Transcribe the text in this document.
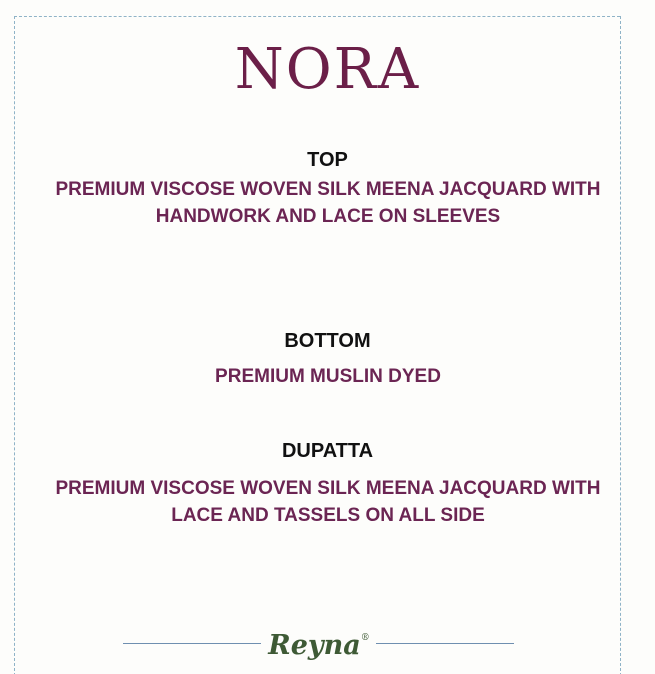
NORA
TOP
PREMIUM VISCOSE WOVEN SILK MEENA JACQUARD WITH HANDWORK AND LACE ON SLEEVES
BOTTOM
PREMIUM MUSLIN DYED
DUPATTA
PREMIUM VISCOSE WOVEN SILK MEENA JACQUARD WITH LACE AND TASSELS ON ALL SIDE
Reyna®
